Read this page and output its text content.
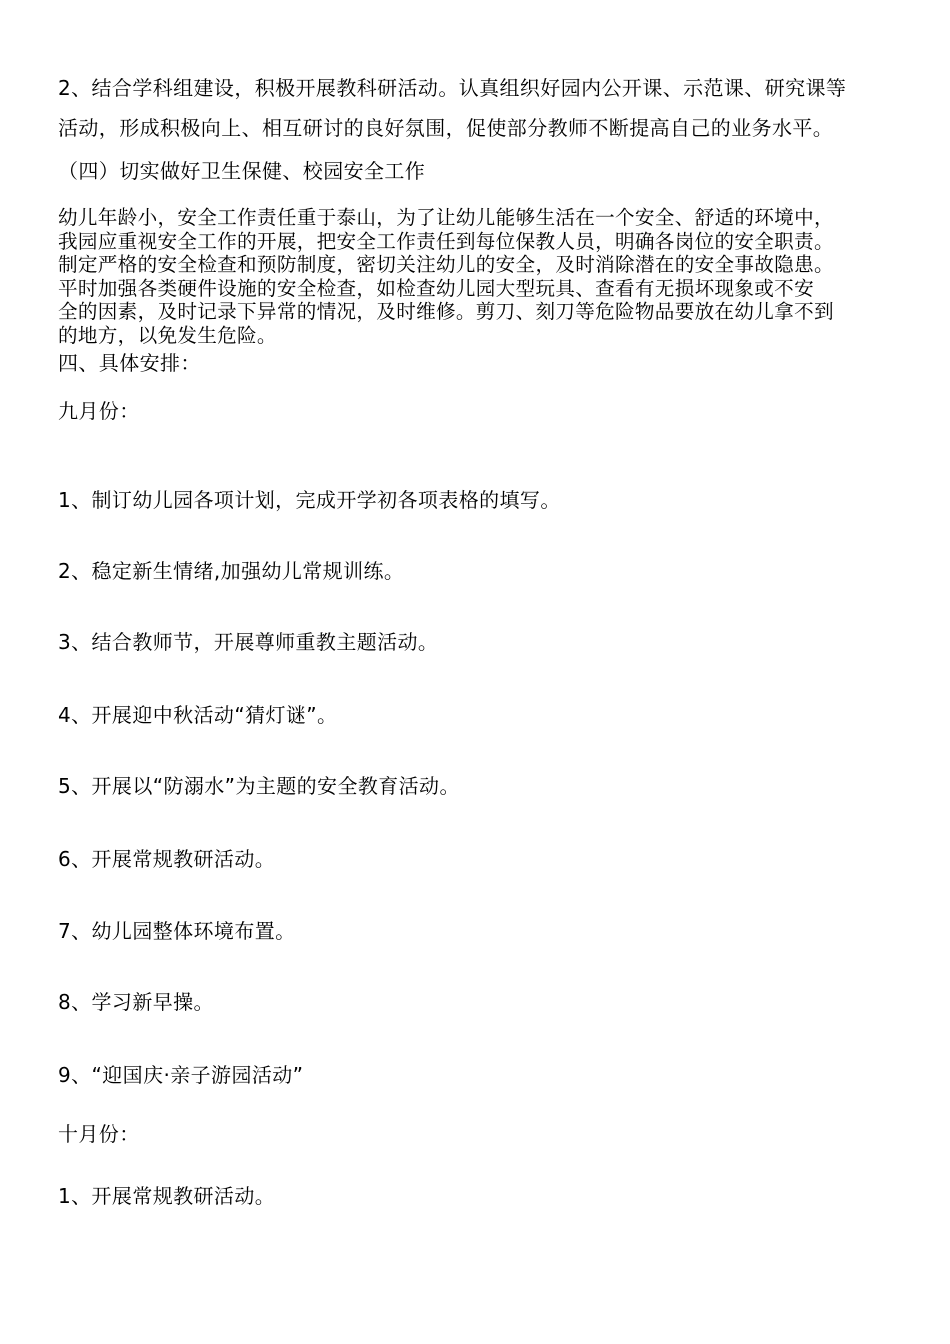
2、结合学科组建设，积极开展教科研活动。认真组织好园内公开课、示范课、研究课等

活动，形成积极向上、相互研讨的良好氛围，促使部分教师不断提高自己的业务水平。

（四）切实做好卫生保健、校园安全工作

幼儿年龄小，安全工作责任重于泰山，为了让幼儿能够生活在一个安全、舒适的环境中，
我园应重视安全工作的开展，把安全工作责任到每位保教人员，明确各岗位的安全职责。
制定严格的安全检查和预防制度，密切关注幼儿的安全，及时消除潜在的安全事故隐患。
平时加强各类硬件设施的安全检查，如检查幼儿园大型玩具、查看有无损坏现象或不安
全的因素，及时记录下异常的情况，及时维修。剪刀、刻刀等危险物品要放在幼儿拿不到
的地方，以免发生危险。

四、具体安排：

九月份：

1、制订幼儿园各项计划，完成开学初各项表格的填写。

2、稳定新生情绪,加强幼儿常规训练。

3、结合教师节，开展尊师重教主题活动。

4、开展迎中秋活动“猜灯谜”。

5、开展以“防溺水”为主题的安全教育活动。

6、开展常规教研活动。

7、幼儿园整体环境布置。

8、学习新早操。

9、“迎国庆·亲子游园活动”

十月份：

1、开展常规教研活动。
